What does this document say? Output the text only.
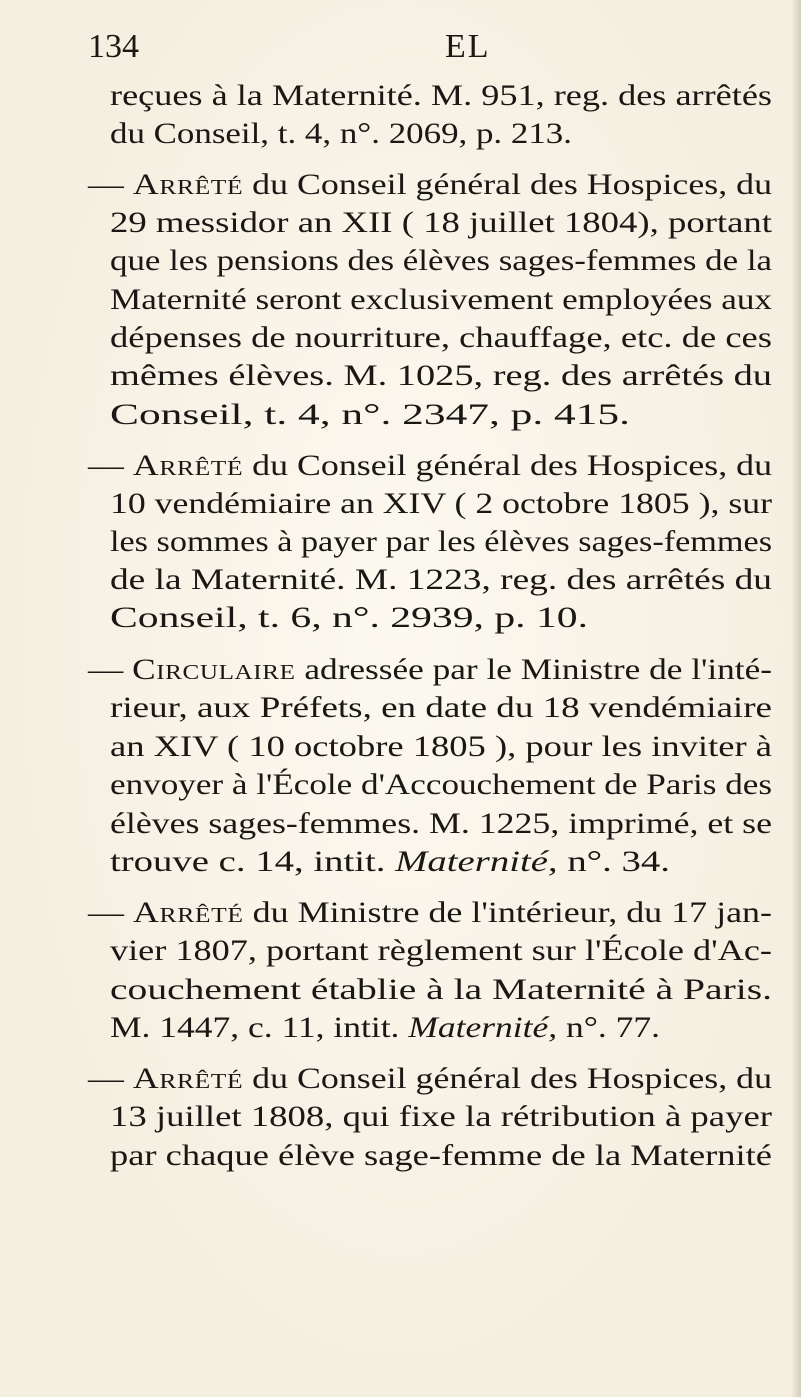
134	EL
reçues à la Maternité. M. 951, reg. des arrêtés
du Conseil, t. 4, n°. 2069, p. 213.
— Arrêté du Conseil général des Hospices, du
29 messidor an XII ( 18 juillet 1804), portant
que les pensions des élèves sages-femmes de la
Maternité seront exclusivement employées aux
dépenses de nourriture, chauffage, etc. de ces
mêmes élèves. M. 1025, reg. des arrêtés du
Conseil, t. 4, n°. 2347, p. 415.
— Arrêté du Conseil général des Hospices, du
10 vendémiaire an XIV ( 2 octobre 1805 ), sur
les sommes à payer par les élèves sages-femmes
de la Maternité. M. 1223, reg. des arrêtés du
Conseil, t. 6, n°. 2939, p. 10.
— Circulaire adressée par le Ministre de l'inté-
rieur, aux Préfets, en date du 18 vendémiaire
an XIV ( 10 octobre 1805 ), pour les inviter à
envoyer à l'École d'Accouchement de Paris des
élèves sages-femmes. M. 1225, imprimé, et se
trouve c. 14, intit. Maternité, n°. 34.
— Arrêté du Ministre de l'intérieur, du 17 jan-
vier 1807, portant règlement sur l'École d'Ac-
couchement établie à la Maternité à Paris.
M. 1447, c. 11, intit. Maternité, n°. 77.
— Arrêté du Conseil général des Hospices, du
13 juillet 1808, qui fixe la rétribution à payer
par chaque élève sage-femme de la Maternité
